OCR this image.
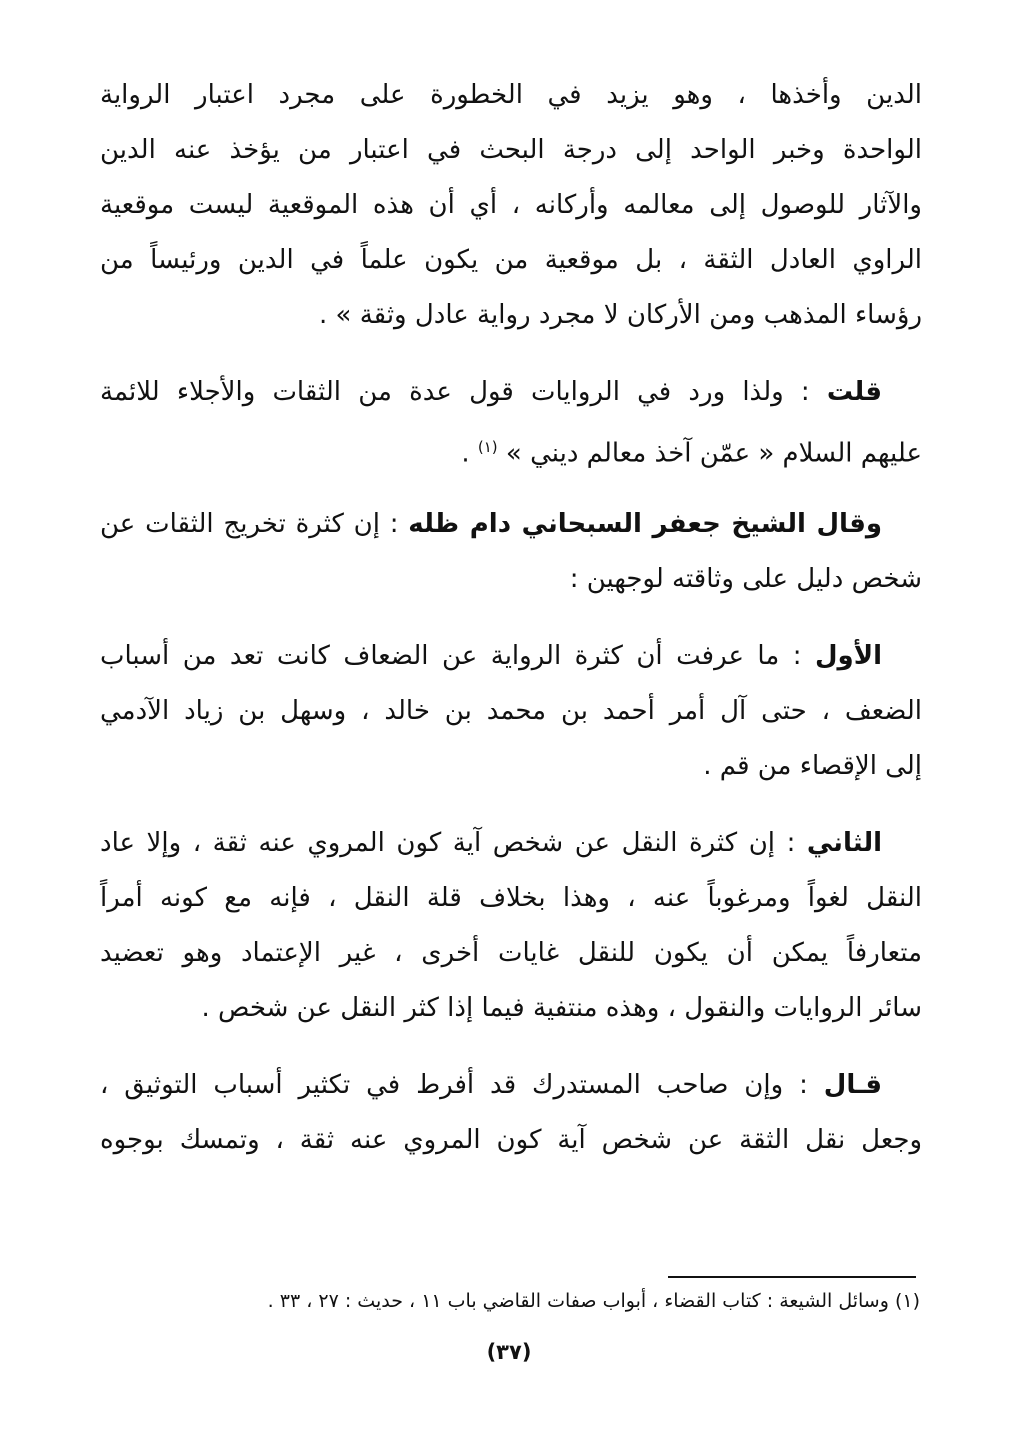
الدين وأخذها ، وهو يزيد في الخطورة على مجرد اعتبار الرواية
الواحدة وخبر الواحد إلى درجة البحث في اعتبار من يؤخذ عنه الدين
والآثار للوصول إلى معالمه وأركانه ، أي أن هذه الموقعية ليست موقعية
الراوي العادل الثقة ، بل موقعية من يكون علماً في الدين ورئيساً من
رؤساء المذهب ومن الأركان لا مجرد رواية عادل وثقة » .
قلت : ولذا ورد في الروايات قول عدة من الثقات والأجلاء للائمة
عليهم السلام « عمّن آخذ معالم ديني » $^{(١)}$ .
وقال الشيخ جعفر السبحاني دام ظله : إن كثرة تخريج الثقات عن
شخص دليل على وثاقته لوجهين :
الأول : ما عرفت أن كثرة الرواية عن الضعاف كانت تعد من أسباب
الضعف ، حتى آل أمر أحمد بن محمد بن خالد ، وسهل بن زياد الآدمي
إلى الإقصاء من قم .
الثاني : إن كثرة النقل عن شخص آية كون المروي عنه ثقة ، وإلا عاد
النقل لغواً ومرغوباً عنه ، وهذا بخلاف قلة النقل ، فإنه مع كونه أمراً
متعارفاً يمكن أن يكون للنقل غايات أخرى ، غير الإعتماد وهو تعضيد
سائر الروايات والنقول ، وهذه منتفية فيما إذا كثر النقل عن شخص .
قـال : وإن صاحب المستدرك قد أفرط في تكثير أسباب التوثيق ،
وجعل نقل الثقة عن شخص آية كون المروي عنه ثقة ، وتمسك بوجوه
(١) وسائل الشيعة : كتاب القضاء ، أبواب صفات القاضي باب ١١ ، حديث : ٢٧ ، ٣٣ .
(٣٧)
